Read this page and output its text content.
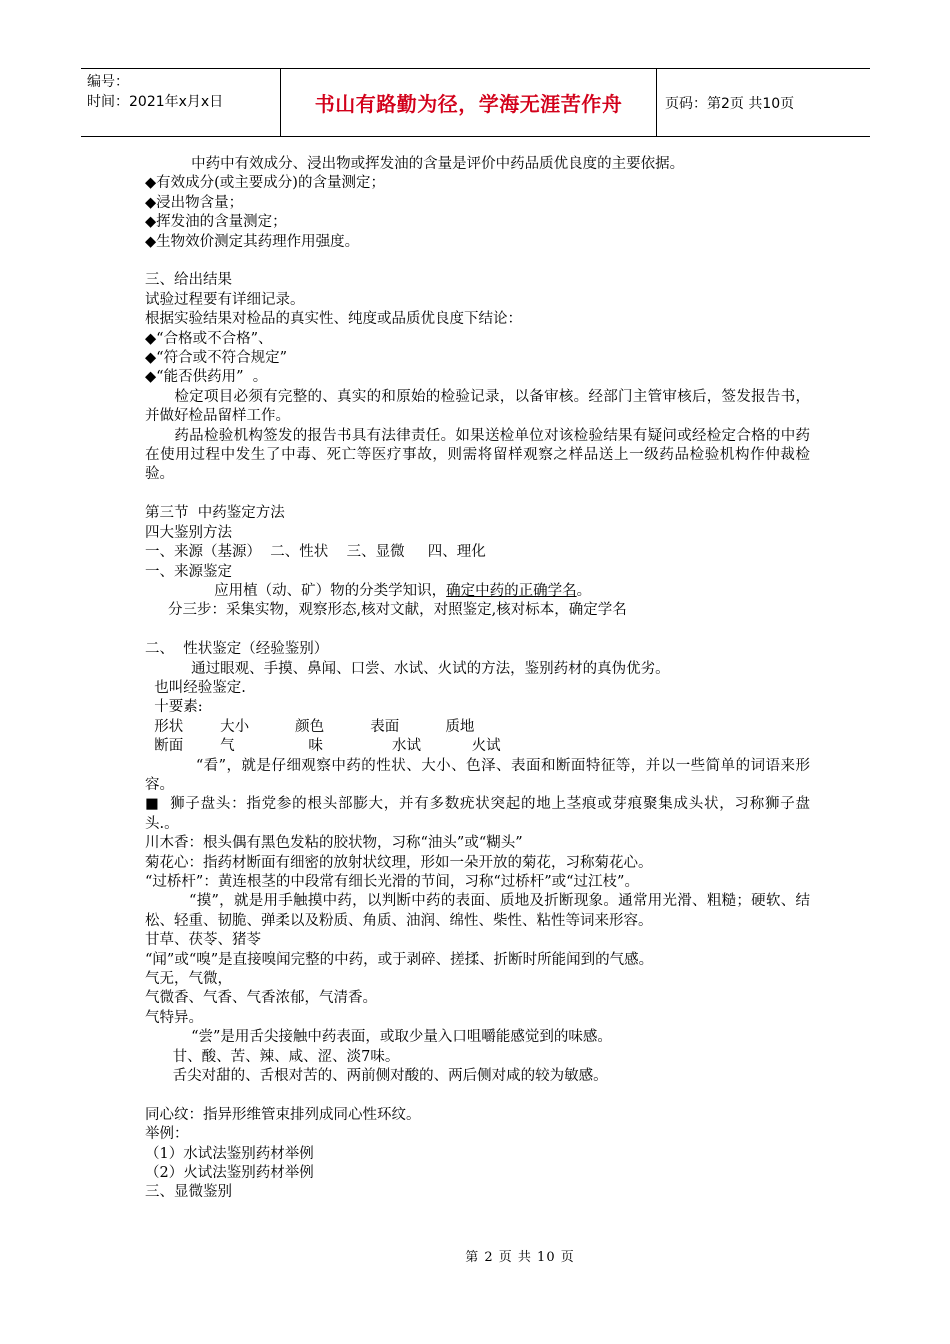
编号：
时间：2021年x月x日	书山有路勤为径，学海无涯苦作舟	页码：第2页 共10页
中药中有效成分、浸出物或挥发油的含量是评价中药品质优良度的主要依据。
◆有效成分(或主要成分)的含量测定；
◆浸出物含量；
◆挥发油的含量测定；
◆生物效价测定其药理作用强度。
三、给出结果
试验过程要有详细记录。
根据实验结果对检品的真实性、纯度或品质优良度下结论：
◆“合格或不合格”、
◆“符合或不符合规定”
◆“能否供药用”  。
检定项目必须有完整的、真实的和原始的检验记录，以备审核。经部门主管审核后，签发报告书，并做好检品留样工作。
药品检验机构签发的报告书具有法律责任。如果送检单位对该检验结果有疑问或经检定合格的中药在使用过程中发生了中毒、死亡等医疗事故，则需将留样观察之样品送上一级药品检验机构作仲裁检验。
第三节  中药鉴定方法
四大鉴别方法
一、来源（基源）  二、性状    三、显微     四、理化
一、来源鉴定
应用植（动、矿）物的分类学知识，确定中药的正确学名。
分三步：采集实物，观察形态,核对文献，对照鉴定,核对标本，确定学名
二、  性状鉴定（经验鉴别）
通过眼观、手摸、鼻闻、口尝、水试、火试的方法，鉴别药材的真伪优劣。
也叫经验鉴定.
十要素:
形状        大小          颜色          表面          质地
断面        气                味               水试           火试
“看”，就是仔细观察中药的性状、大小、色泽、表面和断面特征等，并以一些简单的词语来形容。
■  狮子盘头：指党参的根头部膨大，并有多数疣状突起的地上茎痕或芽痕聚集成头状，习称狮子盘头.。
川木香：根头偶有黑色发粘的胶状物，习称“油头”或“糊头”
菊花心：指药材断面有细密的放射状纹理，形如一朵开放的菊花，习称菊花心。
“过桥杆”：黄连根茎的中段常有细长光滑的节间，习称“过桥杆”或“过江枝”。
“摸”，就是用手触摸中药，以判断中药的表面、质地及折断现象。通常用光滑、粗糙；硬软、结松、轻重、韧脆、弹柔以及粉质、角质、油润、绵性、柴性、粘性等词来形容。
甘草、茯苓、猪苓
“闻”或“嗅”是直接嗅闻完整的中药，或于剥碎、搓揉、折断时所能闻到的气感。
气无，气微，
气微香、气香、气香浓郁，气清香。
气特异。
“尝”是用舌尖接触中药表面，或取少量入口咀嚼能感觉到的味感。
甘、酸、苦、辣、咸、涩、淡7味。
舌尖对甜的、舌根对苦的、两前侧对酸的、两后侧对咸的较为敏感。
同心纹：指异形维管束排列成同心性环纹。
举例：
（1）水试法鉴别药材举例
（2）火试法鉴别药材举例
三、显微鉴别
第 2 页 共 10 页
